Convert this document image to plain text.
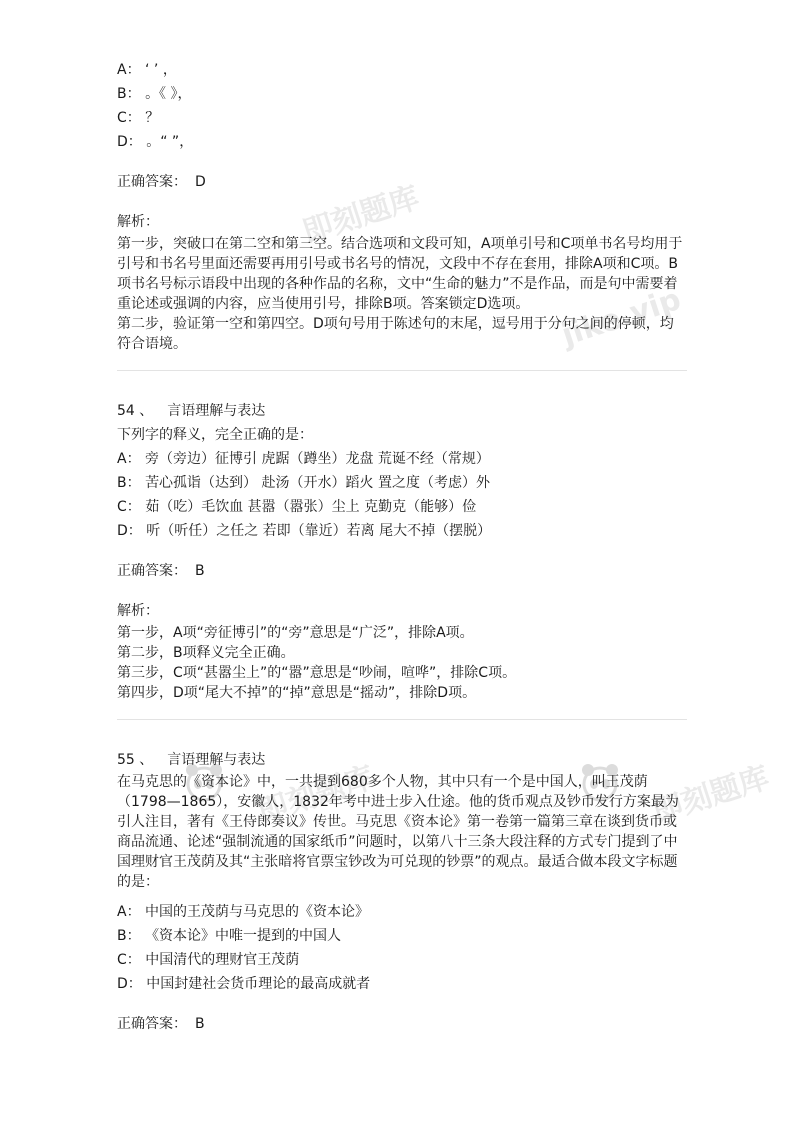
即刻题库
jike.vip
即刻题库	即刻题库
A： ‘ ’ ，
B： 。《 》，
C： ？
D： 。“ ”，
正确答案： D
解析：
第一步，突破口在第二空和第三空。结合选项和文段可知，A项单引号和C项单书名号均用于引号和书名号里面还需要再用引号或书名号的情况，文段中不存在套用，排除A项和C项。B项书名号标示语段中出现的各种作品的名称，文中“生命的魅力”不是作品，而是句中需要着重论述或强调的内容，应当使用引号，排除B项。答案锁定D选项。
第二步，验证第一空和第四空。D项句号用于陈述句的末尾，逗号用于分句之间的停顿，均符合语境。
54 、 言语理解与表达
下列字的释义，完全正确的是：
A： 旁（旁边）征博引 虎踞（蹲坐）龙盘 荒诞不经（常规）
B： 苦心孤诣（达到） 赴汤（开水）蹈火 置之度（考虑）外
C： 茹（吃）毛饮血 甚嚣（嚣张）尘上 克勤克（能够）俭
D： 听（听任）之任之 若即（靠近）若离 尾大不掉（摆脱）
正确答案： B
解析：
第一步，A项“旁征博引”的“旁”意思是“广泛”，排除A项。
第二步，B项释义完全正确。
第三步，C项“甚嚣尘上”的“嚣”意思是“吵闹，喧哗”，排除C项。
第四步，D项“尾大不掉”的“掉”意思是“摇动”，排除D项。
55 、 言语理解与表达
在马克思的《资本论》中，一共提到680多个人物，其中只有一个是中国人，叫王茂荫（1798—1865），安徽人，1832年考中进士步入仕途。他的货币观点及钞币发行方案最为引人注目，著有《王侍郎奏议》传世。马克思《资本论》第一卷第一篇第三章在谈到货币或商品流通、论述“强制流通的国家纸币”问题时，以第八十三条大段注释的方式专门提到了中国理财官王茂荫及其“主张暗将官票宝钞改为可兑现的钞票”的观点。最适合做本段文字标题的是：
A： 中国的王茂荫与马克思的《资本论》
B： 《资本论》中唯一提到的中国人
C： 中国清代的理财官王茂荫
D： 中国封建社会货币理论的最高成就者
正确答案： B
